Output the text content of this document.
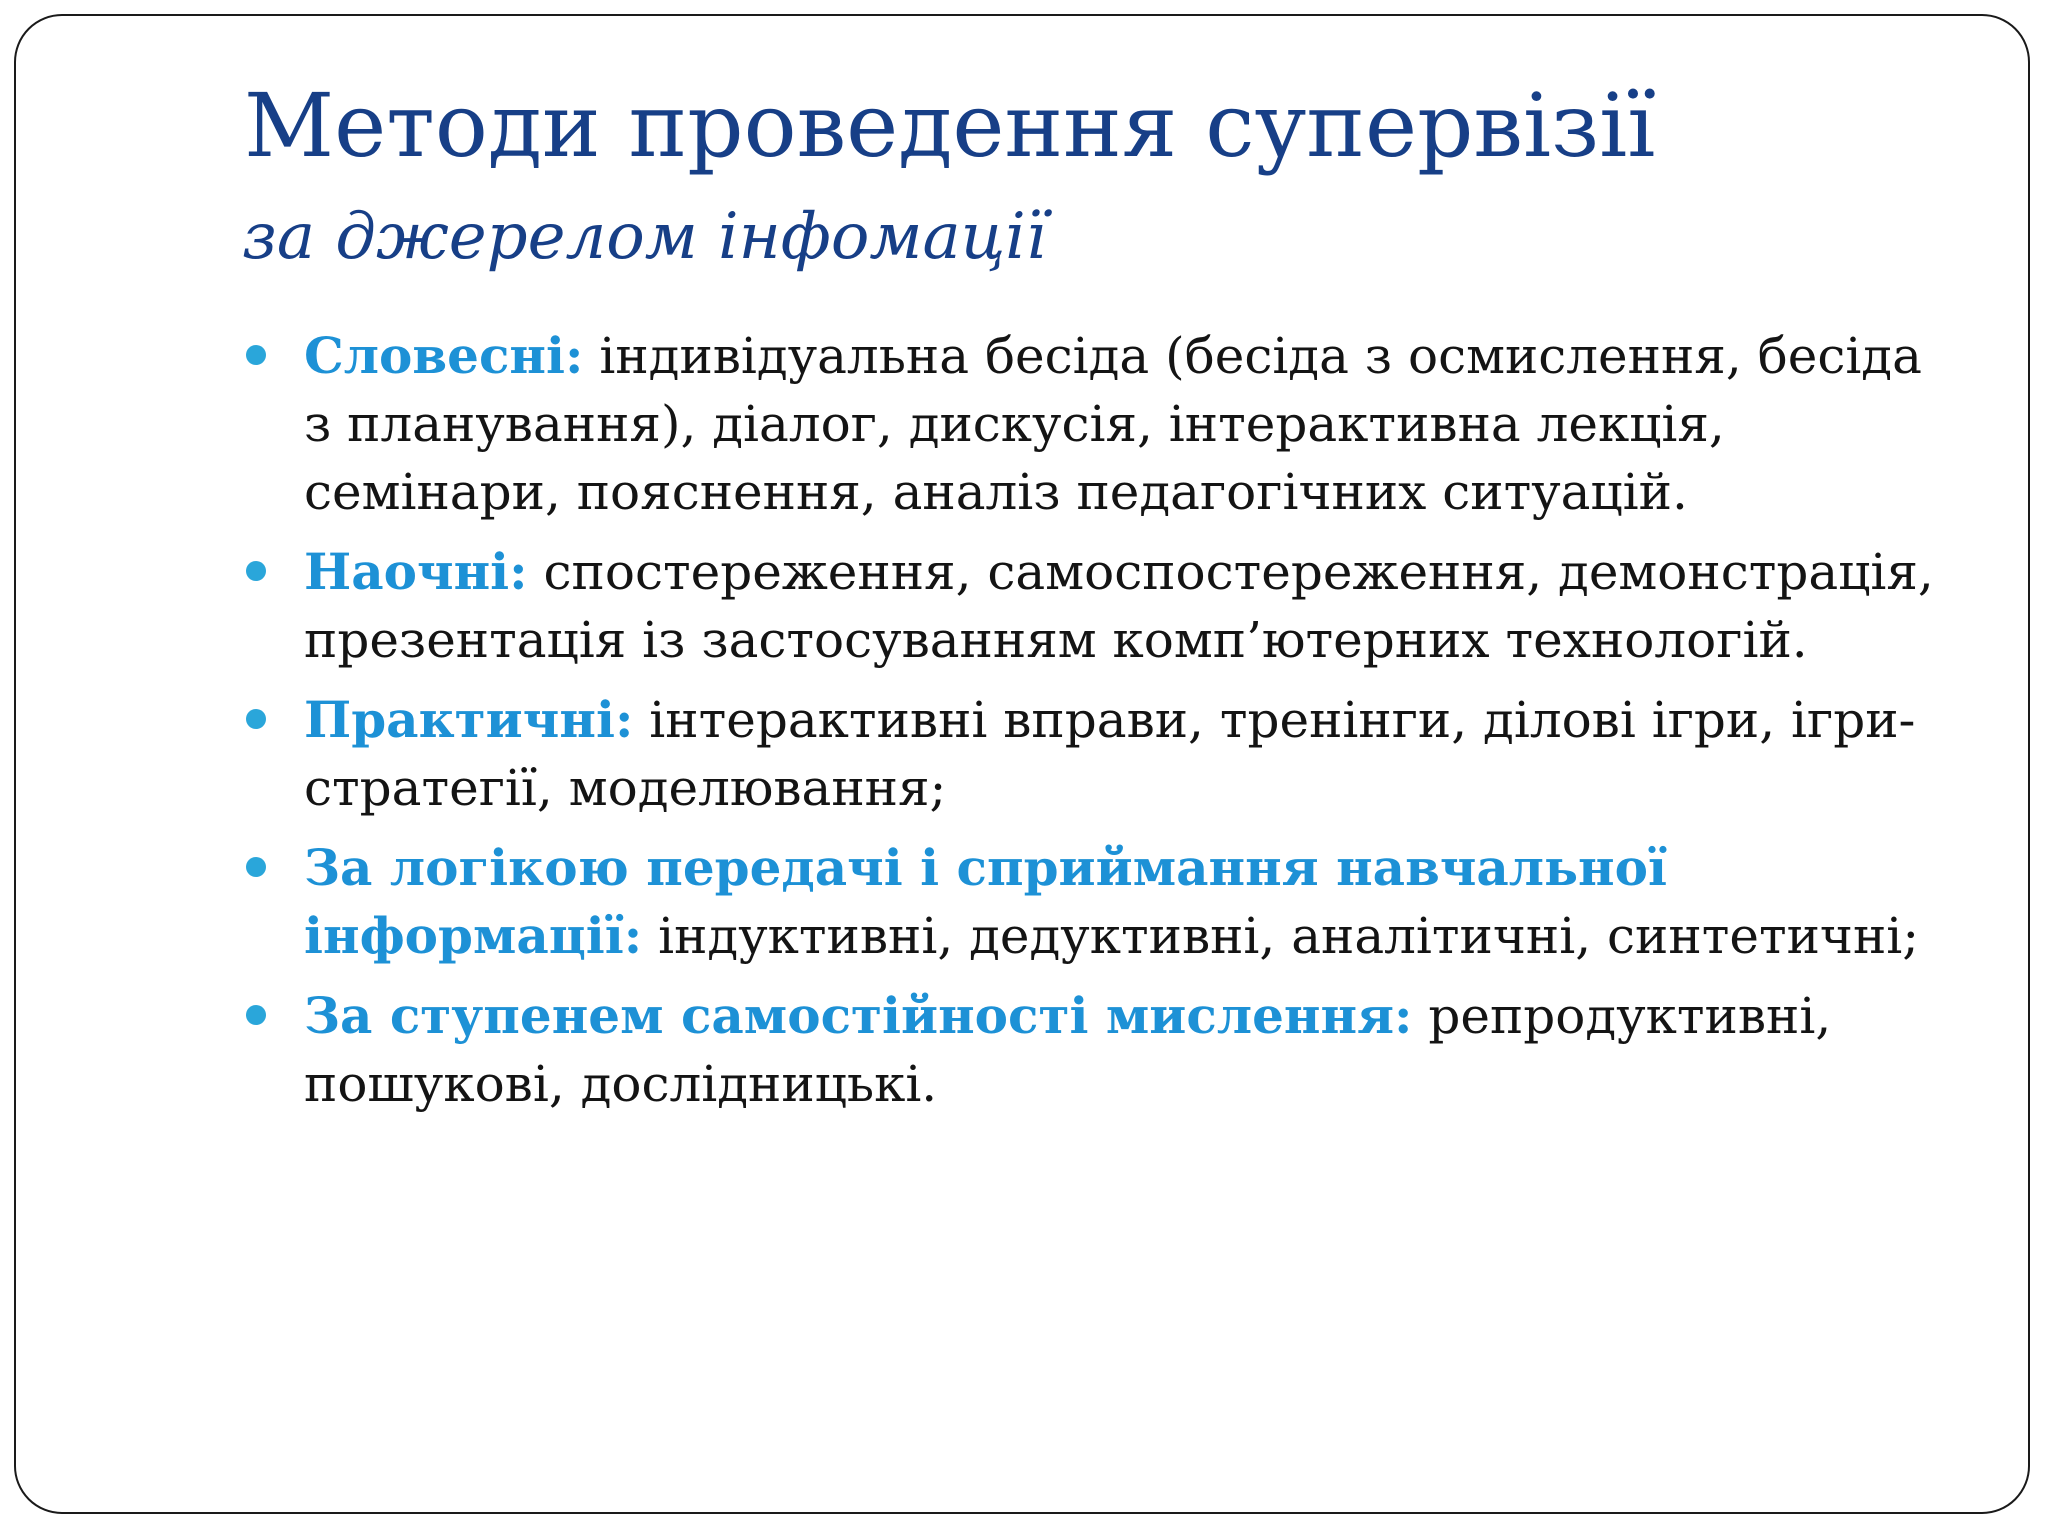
Методи проведення супервізії
за джерелом інфомації
Словесні: індивідуальна бесіда (бесіда з осмислення, бесіда з планування), діалог, дискусія, інтерактивна лекція, семінари, пояснення, аналіз педагогічних ситуацій.
Наочні: спостереження, самоспостереження, демонстрація, презентація із застосуванням комп’ютерних технологій.
Практичні: інтерактивні вправи, тренінги, ділові ігри, ігри-стратегії, моделювання;
За логікою передачі і сприймання навчальної інформації: індуктивні, дедуктивні, аналітичні, синтетичні;
За ступенем самостійності мислення: репродуктивні, пошукові, дослідницькі.
